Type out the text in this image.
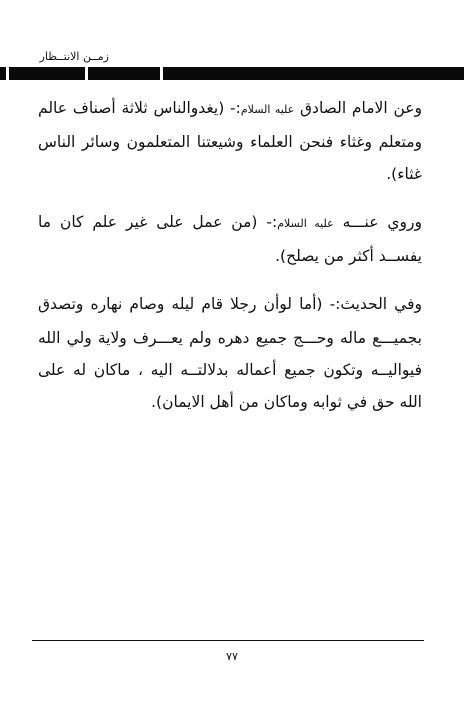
زمــن الانتــظار

وعن الامام الصادق عليه السلام:- (يغدوالناس ثلاثة أصناف عالم ومتعلم وغثاء فنحن العلماء وشيعتنا المتعلمون وسائر الناس غثاء).

وروي عنـــه عليه السلام:- (من عمل على غير علم كان ما يفســد أكثر من يصلح).

وفي الحديث:- (أما لوأن رجلا قام ليله وصام نهاره وتصدق بجميـــع ماله وحـــج جميع دهره ولم يعـــرف ولاية ولي الله فيواليــه وتكون جميع أعماله بدلالتــه اليه ، ماكان له على الله حق في ثوابه وماكان من أهل الايمان).

٧٧
